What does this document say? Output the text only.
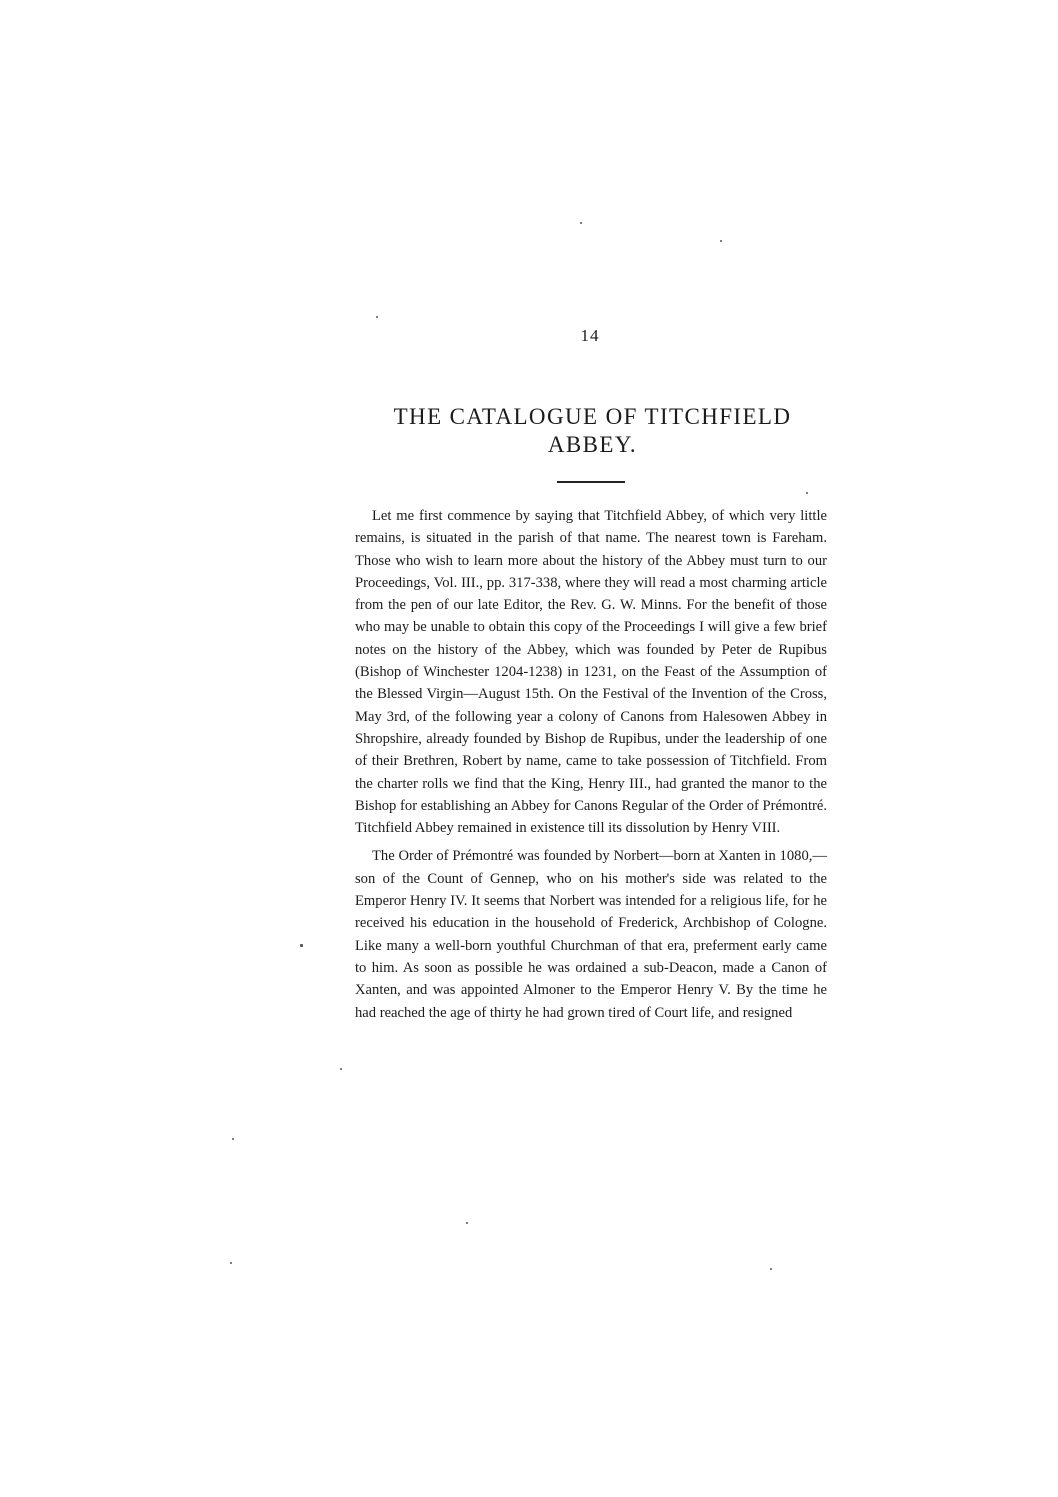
14
THE CATALOGUE OF TITCHFIELD ABBEY.

Let me first commence by saying that Titchfield Abbey, of which very little remains, is situated in the parish of that name. The nearest town is Fareham. Those who wish to learn more about the history of the Abbey must turn to our Proceedings, Vol. III., pp. 317-338, where they will read a most charming article from the pen of our late Editor, the Rev. G. W. Minns. For the benefit of those who may be unable to obtain this copy of the Proceedings I will give a few brief notes on the history of the Abbey, which was founded by Peter de Rupibus (Bishop of Winchester 1204-1238) in 1231, on the Feast of the Assumption of the Blessed Virgin—August 15th. On the Festival of the Invention of the Cross, May 3rd, of the following year a colony of Canons from Halesowen Abbey in Shropshire, already founded by Bishop de Rupibus, under the leadership of one of their Brethren, Robert by name, came to take possession of Titchfield. From the charter rolls we find that the King, Henry III., had granted the manor to the Bishop for establishing an Abbey for Canons Regular of the Order of Prémontré. Titchfield Abbey remained in existence till its dissolution by Henry VIII.

The Order of Prémontré was founded by Norbert—born at Xanten in 1080,—son of the Count of Gennep, who on his mother's side was related to the Emperor Henry IV. It seems that Norbert was intended for a religious life, for he received his education in the household of Frederick, Archbishop of Cologne. Like many a well-born youthful Churchman of that era, preferment early came to him. As soon as possible he was ordained a sub-Deacon, made a Canon of Xanten, and was appointed Almoner to the Emperor Henry V. By the time he had reached the age of thirty he had grown tired of Court life, and resigned
